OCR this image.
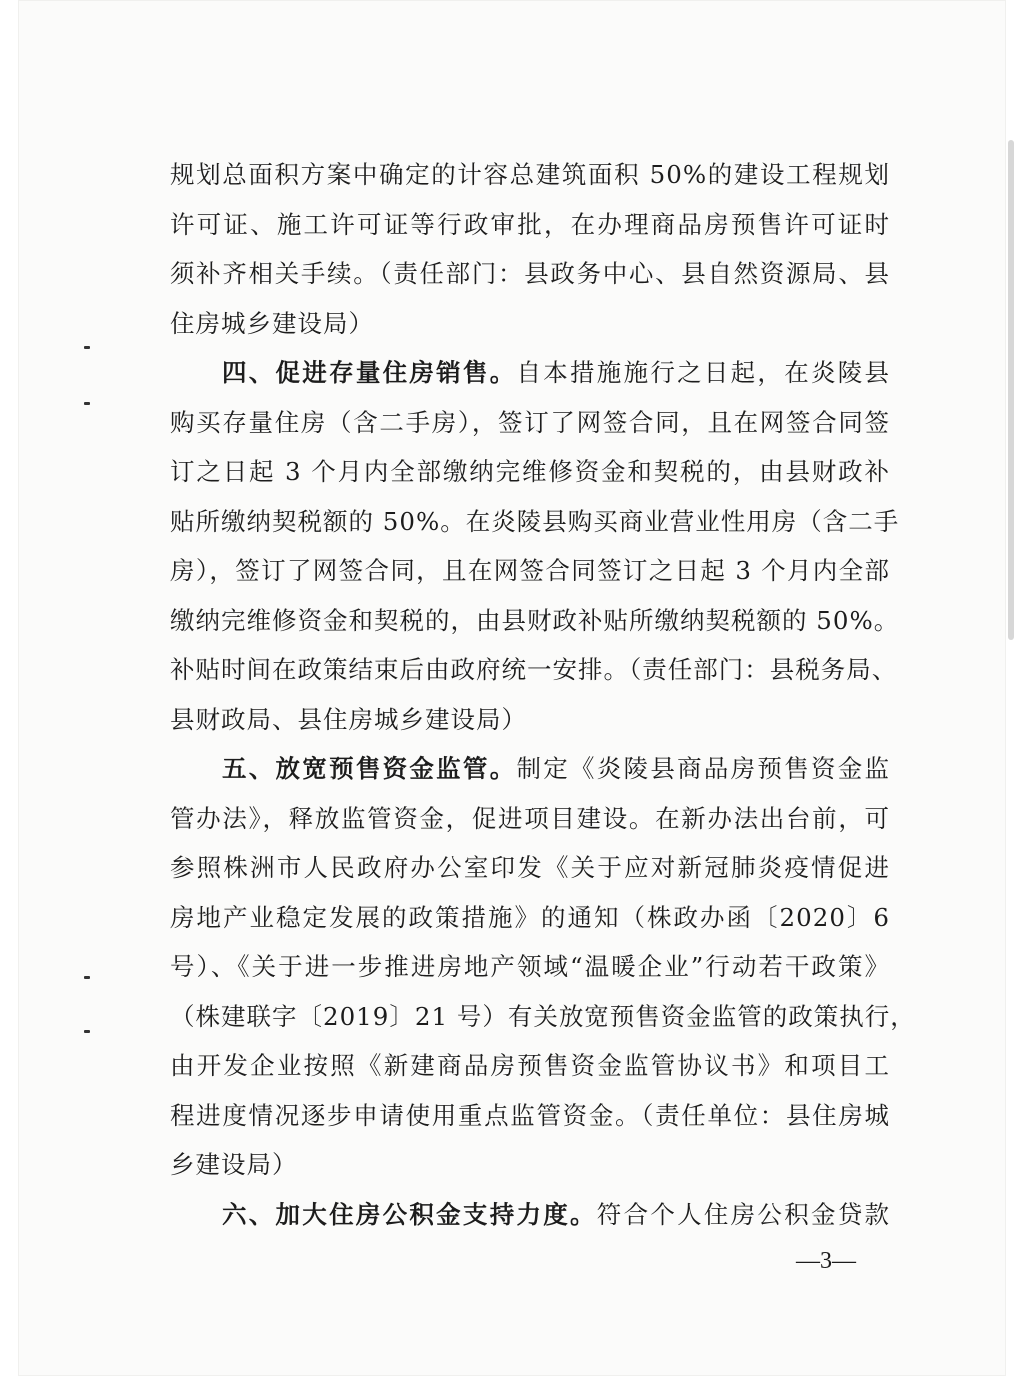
规划总面积方案中确定的计容总建筑面积 50%的建设工程规划
许可证、施工许可证等行政审批，在办理商品房预售许可证时
须补齐相关手续。（责任部门：县政务中心、县自然资源局、县
住房城乡建设局）
四、促进存量住房销售。自本措施施行之日起，在炎陵县
购买存量住房（含二手房），签订了网签合同，且在网签合同签
订之日起 3 个月内全部缴纳完维修资金和契税的，由县财政补
贴所缴纳契税额的 50%。在炎陵县购买商业营业性用房（含二手
房），签订了网签合同，且在网签合同签订之日起 3 个月内全部
缴纳完维修资金和契税的，由县财政补贴所缴纳契税额的 50%。
补贴时间在政策结束后由政府统一安排。（责任部门：县税务局、
县财政局、县住房城乡建设局）
五、放宽预售资金监管。制定《炎陵县商品房预售资金监
管办法》，释放监管资金，促进项目建设。在新办法出台前，可
参照株洲市人民政府办公室印发《关于应对新冠肺炎疫情促进
房地产业稳定发展的政策措施》的通知（株政办函〔2020〕6
号）、《关于进一步推进房地产领域“温暖企业”行动若干政策》
（株建联字〔2019〕21 号）有关放宽预售资金监管的政策执行，
由开发企业按照《新建商品房预售资金监管协议书》和项目工
程进度情况逐步申请使用重点监管资金。（责任单位：县住房城
乡建设局）
六、加大住房公积金支持力度。符合个人住房公积金贷款
—3—
